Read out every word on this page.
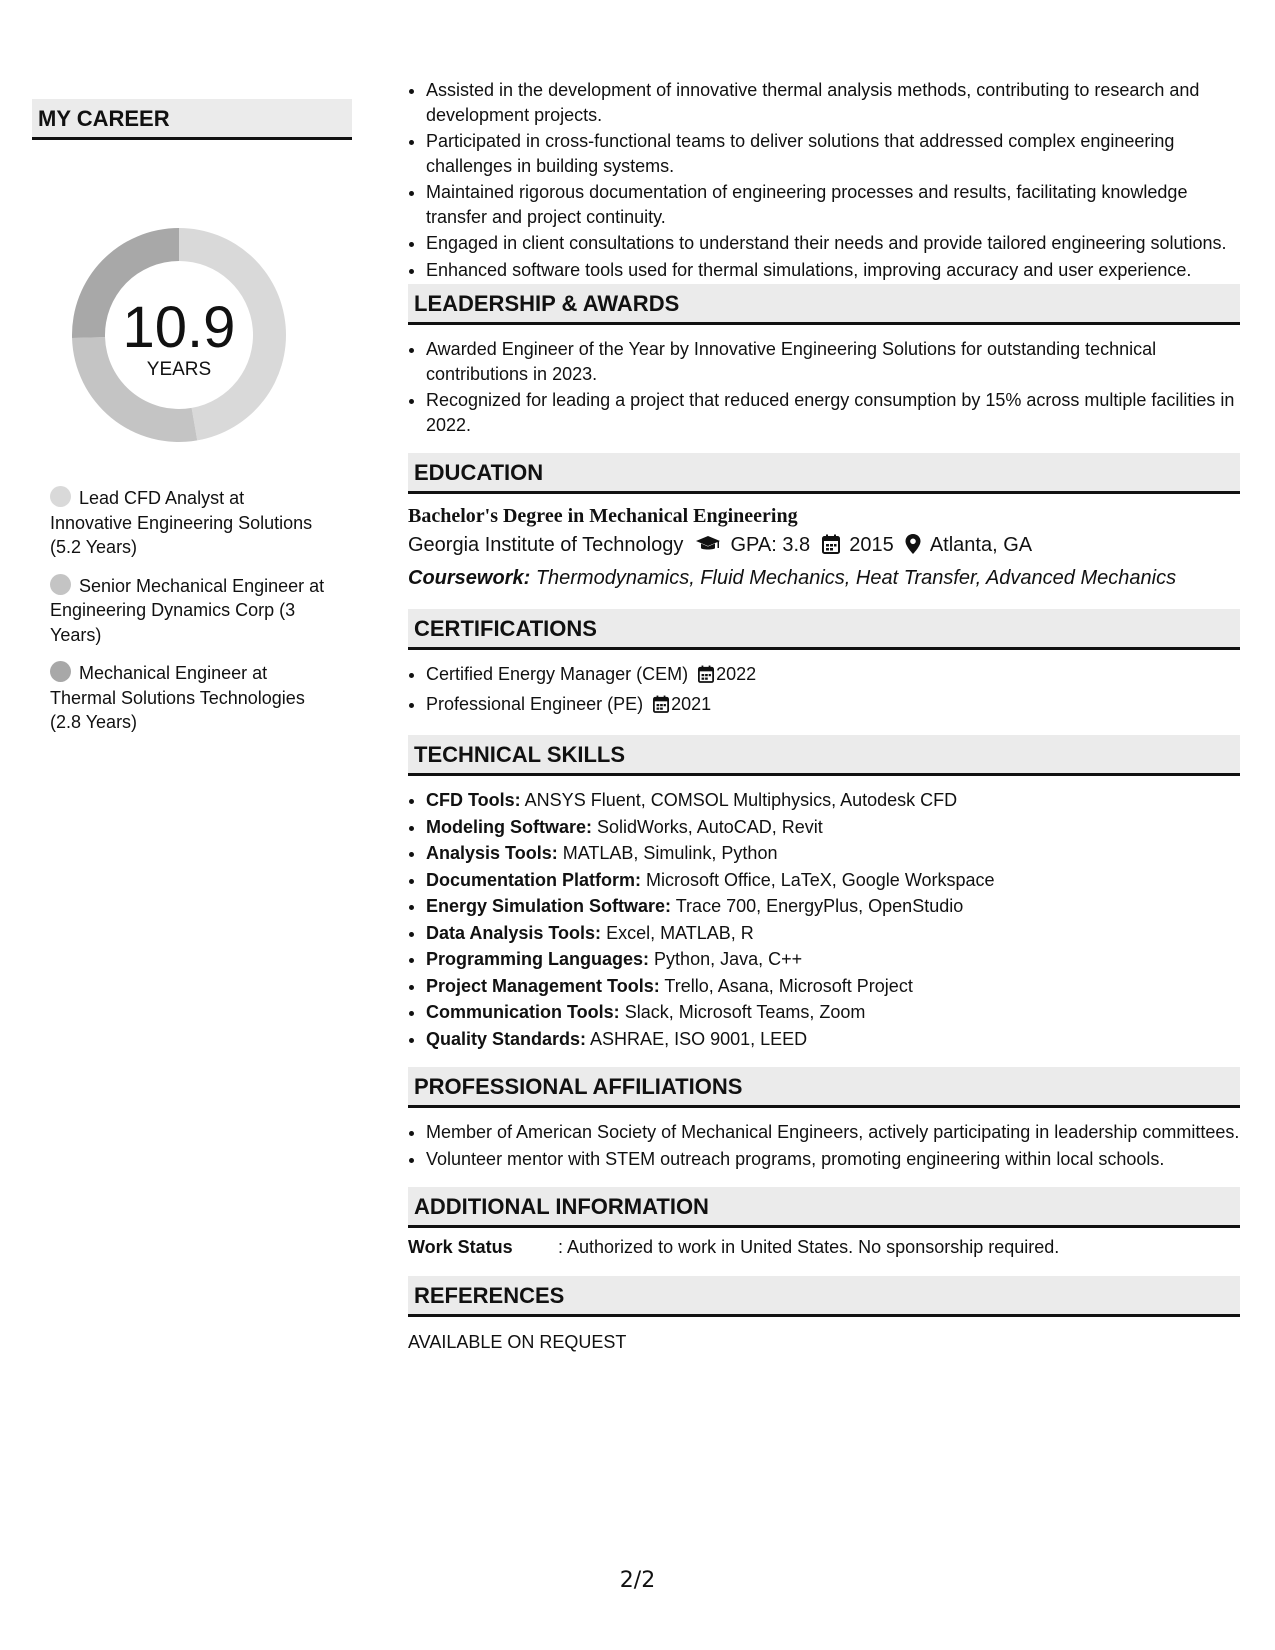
MY CAREER
10.9
YEARS
Lead CFD Analyst at Innovative Engineering Solutions (5.2 Years)
Senior Mechanical Engineer at Engineering Dynamics Corp (3 Years)
Mechanical Engineer at Thermal Solutions Technologies (2.8 Years)
• Assisted in the development of innovative thermal analysis methods, contributing to research and development projects.
• Participated in cross-functional teams to deliver solutions that addressed complex engineering challenges in building systems.
• Maintained rigorous documentation of engineering processes and results, facilitating knowledge transfer and project continuity.
• Engaged in client consultations to understand their needs and provide tailored engineering solutions.
• Enhanced software tools used for thermal simulations, improving accuracy and user experience.
LEADERSHIP & AWARDS
• Awarded Engineer of the Year by Innovative Engineering Solutions for outstanding technical contributions in 2023.
• Recognized for leading a project that reduced energy consumption by 15% across multiple facilities in 2022.
EDUCATION
Bachelor's Degree in Mechanical Engineering
Georgia Institute of Technology GPA: 3.8 2015 Atlanta, GA
Coursework: Thermodynamics, Fluid Mechanics, Heat Transfer, Advanced Mechanics
CERTIFICATIONS
• Certified Energy Manager (CEM) 2022
• Professional Engineer (PE) 2021
TECHNICAL SKILLS
• CFD Tools: ANSYS Fluent, COMSOL Multiphysics, Autodesk CFD
• Modeling Software: SolidWorks, AutoCAD, Revit
• Analysis Tools: MATLAB, Simulink, Python
• Documentation Platform: Microsoft Office, LaTeX, Google Workspace
• Energy Simulation Software: Trace 700, EnergyPlus, OpenStudio
• Data Analysis Tools: Excel, MATLAB, R
• Programming Languages: Python, Java, C++
• Project Management Tools: Trello, Asana, Microsoft Project
• Communication Tools: Slack, Microsoft Teams, Zoom
• Quality Standards: ASHRAE, ISO 9001, LEED
PROFESSIONAL AFFILIATIONS
• Member of American Society of Mechanical Engineers, actively participating in leadership committees.
• Volunteer mentor with STEM outreach programs, promoting engineering within local schools.
ADDITIONAL INFORMATION
Work Status	: Authorized to work in United States. No sponsorship required.
REFERENCES
AVAILABLE ON REQUEST
2/2
